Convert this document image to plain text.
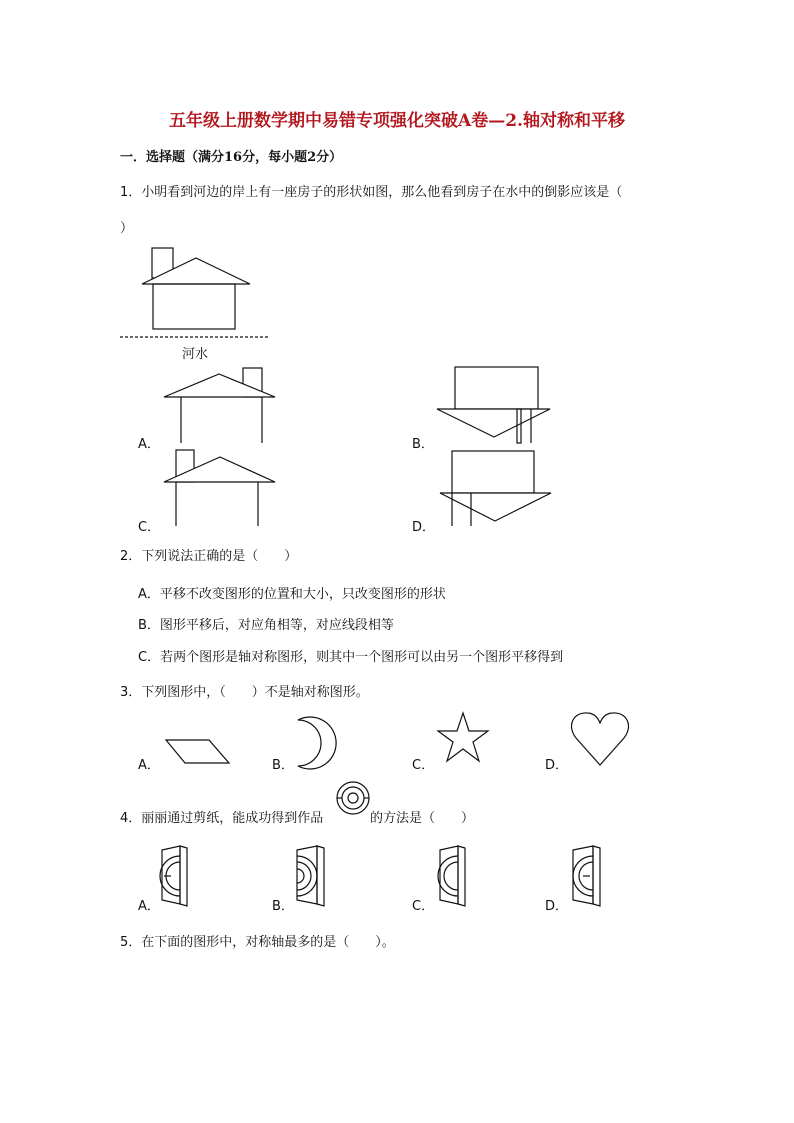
五年级上册数学期中易错专项强化突破A卷—2.轴对称和平移
一．选择题（满分16分，每小题2分）
1．小明看到河边的岸上有一座房子的形状如图，那么他看到房子在水中的倒影应该是（
）
河水
A．	B．
C．	D．
2．下列说法正确的是（　　）
A．平移不改变图形的位置和大小，只改变图形的形状
B．图形平移后，对应角相等，对应线段相等
C．若两个图形是轴对称图形，则其中一个图形可以由另一个图形平移得到
3．下列图形中，（　　）不是轴对称图形。
A．	B．	C．	D．
4．丽丽通过剪纸，能成功得到作品	的方法是（　　）
A．	B．	C．	D．
5．在下面的图形中，对称轴最多的是（　　）。
